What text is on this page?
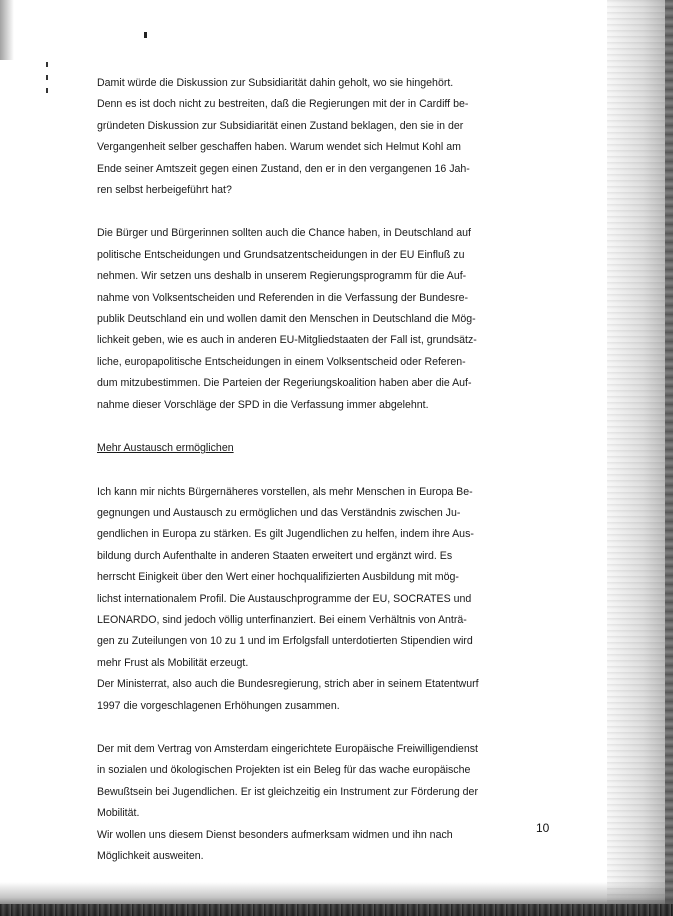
Damit würde die Diskussion zur Subsidiarität dahin geholt, wo sie hingehört.
Denn es ist doch nicht zu bestreiten, daß die Regierungen mit der in Cardiff be-
gründeten Diskussion zur Subsidiarität einen Zustand beklagen, den sie in der
Vergangenheit selber geschaffen haben. Warum wendet sich Helmut Kohl am
Ende seiner Amtszeit gegen einen Zustand, den er in den vergangenen 16 Jah-
ren selbst herbeigeführt hat?

Die Bürger und Bürgerinnen sollten auch die Chance haben, in Deutschland auf
politische Entscheidungen und Grundsatzentscheidungen in der EU Einfluß zu
nehmen. Wir setzen uns deshalb in unserem Regierungsprogramm für die Auf-
nahme von Volksentscheiden und Referenden in die Verfassung der Bundesre-
publik Deutschland ein und wollen damit den Menschen in Deutschland die Mög-
lichkeit geben, wie es auch in anderen EU-Mitgliedstaaten der Fall ist, grundsätz-
liche, europapolitische Entscheidungen in einem Volksentscheid oder Referen-
dum mitzubestimmen. Die Parteien der Regeriungskoalition haben aber die Auf-
nahme dieser Vorschläge der SPD in die Verfassung immer abgelehnt.

Mehr Austausch ermöglichen

Ich kann mir nichts Bürgernäheres vorstellen, als mehr Menschen in Europa Be-
gegnungen und Austausch zu ermöglichen und das Verständnis zwischen Ju-
gendlichen in Europa zu stärken. Es gilt Jugendlichen zu helfen, indem ihre Aus-
bildung durch Aufenthalte in anderen Staaten erweitert und ergänzt wird. Es
herrscht Einigkeit über den Wert einer hochqualifizierten Ausbildung mit mög-
lichst internationalem Profil. Die Austauschprogramme der EU, SOCRATES und
LEONARDO, sind jedoch völlig unterfinanziert. Bei einem Verhältnis von Anträ-
gen zu Zuteilungen von 10 zu 1 und im Erfolgsfall unterdotierten Stipendien wird
mehr Frust als Mobilität erzeugt.
Der Ministerrat, also auch die Bundesregierung, strich aber in seinem Etatentwurf
1997 die vorgeschlagenen Erhöhungen zusammen.

Der mit dem Vertrag von Amsterdam eingerichtete Europäische Freiwilligendienst
in sozialen und ökologischen Projekten ist ein Beleg für das wache europäische
Bewußtsein bei Jugendlichen. Er ist gleichzeitig ein Instrument zur Förderung der
Mobilität.
Wir wollen uns diesem Dienst besonders aufmerksam widmen und ihn nach
Möglichkeit ausweiten.

10
